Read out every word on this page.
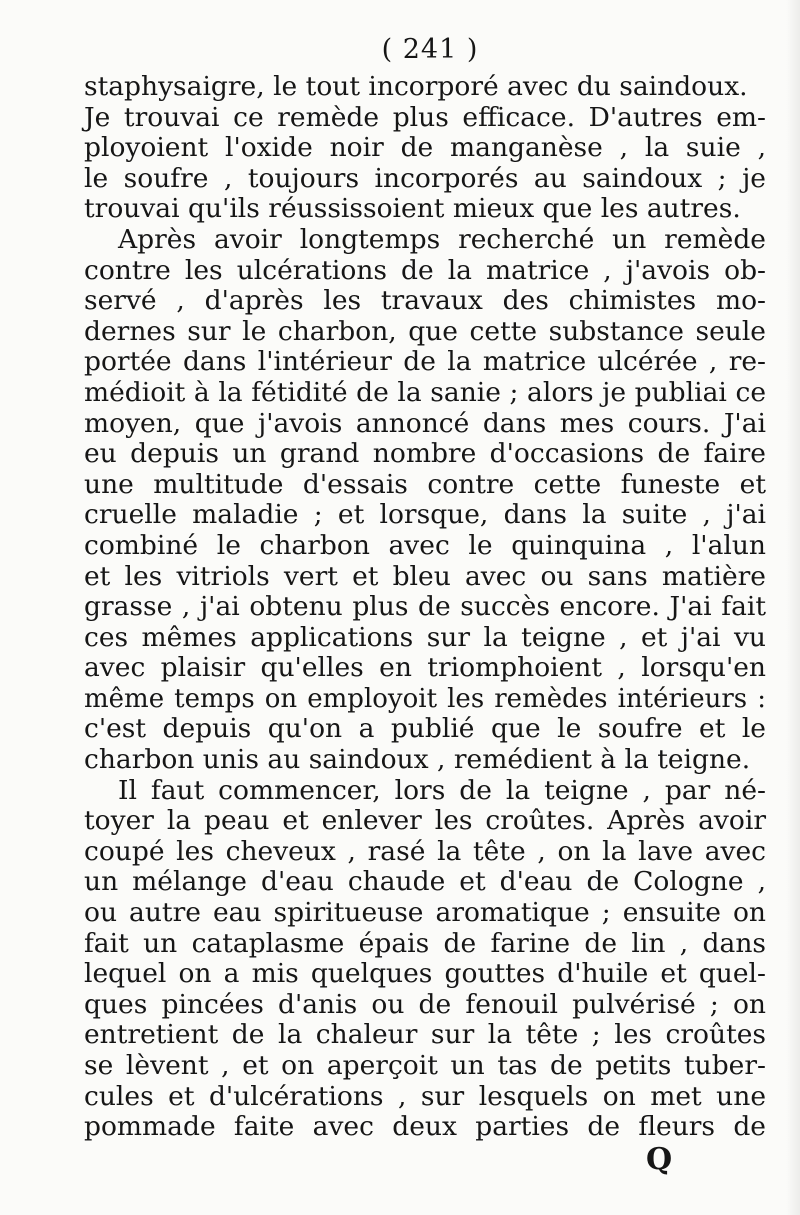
( 241 )
staphysaigre, le tout incorporé avec du saindoux.
Je trouvai ce remède plus efficace. D'autres em-
ployoient l'oxide noir de manganèse , la suie ,
le soufre , toujours incorporés au saindoux ; je
trouvai qu'ils réussissoient mieux que les autres.
Après avoir longtemps recherché un remède
contre les ulcérations de la matrice , j'avois ob-
servé , d'après les travaux des chimistes mo-
dernes sur le charbon, que cette substance seule
portée dans l'intérieur de la matrice ulcérée , re-
médioit à la fétidité de la sanie ; alors je publiai ce
moyen, que j'avois annoncé dans mes cours. J'ai
eu depuis un grand nombre d'occasions de faire
une multitude d'essais contre cette funeste et
cruelle maladie ; et lorsque, dans la suite , j'ai
combiné le charbon avec le quinquina , l'alun
et les vitriols vert et bleu avec ou sans matière
grasse , j'ai obtenu plus de succès encore. J'ai fait
ces mêmes applications sur la teigne , et j'ai vu
avec plaisir qu'elles en triomphoient , lorsqu'en
même temps on employoit les remèdes intérieurs :
c'est depuis qu'on a publié que le soufre et le
charbon unis au saindoux , remédient à la teigne.
Il faut commencer, lors de la teigne , par né-
toyer la peau et enlever les croûtes. Après avoir
coupé les cheveux , rasé la tête , on la lave avec
un mélange d'eau chaude et d'eau de Cologne ,
ou autre eau spiritueuse aromatique ; ensuite on
fait un cataplasme épais de farine de lin , dans
lequel on a mis quelques gouttes d'huile et quel-
ques pincées d'anis ou de fenouil pulvérisé ; on
entretient de la chaleur sur la tête ; les croûtes
se lèvent , et on aperçoit un tas de petits tuber-
cules et d'ulcérations , sur lesquels on met une
pommade faite avec deux parties de fleurs de
Q
